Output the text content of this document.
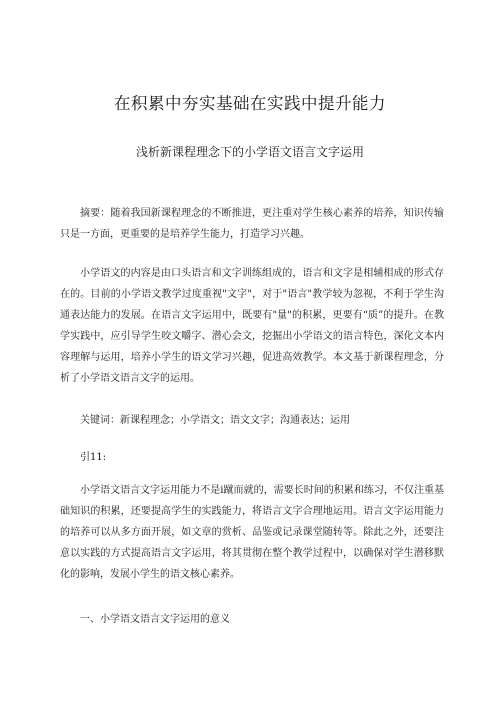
在积累中夯实基础在实践中提升能力
浅析新课程理念下的小学语文语言文字运用

摘要：随着我国新课程理念的不断推进，更注重对学生核心素养的培养，知识传输只是一方面，更重要的是培养学生能力，打造学习兴趣。

小学语文的内容是由口头语言和文字训练组成的，语言和文字是相辅相成的形式存在的。目前的小学语文教学过度重视"文字"，对于"语言"教学较为忽视，不利于学生沟通表达能力的发展。在语言文字运用中，既要有"量"的积累，更要有“质”的提升。在教学实践中，应引导学生咬文嚼字、潜心会文，挖掘出小学语文的语言特色，深化文本内容理解与运用，培养小学生的语文学习兴趣，促进高效教学。本文基于新课程理念，分析了小学语文语言文字的运用。

关键词：新课程理念；小学语文；语文文字；沟通表达；运用

引11:

小学语文语言文字运用能力不是i蹴而就的，需要长时间的积累和练习，不仅注重基础知识的积累，还要提高学生的实践能力，将语言文字合理地运用。语言文字运用能力的培养可以从多方面开展，如文章的赏析、品鉴或记录课堂随转等。除此之外，还要注意以实践的方式提高语言文字运用，将其贯彻在整个教学过程中，以确保对学生潜移默化的影响，发展小学生的语文核心素养。

一、小学语文语言文字运用的意义
